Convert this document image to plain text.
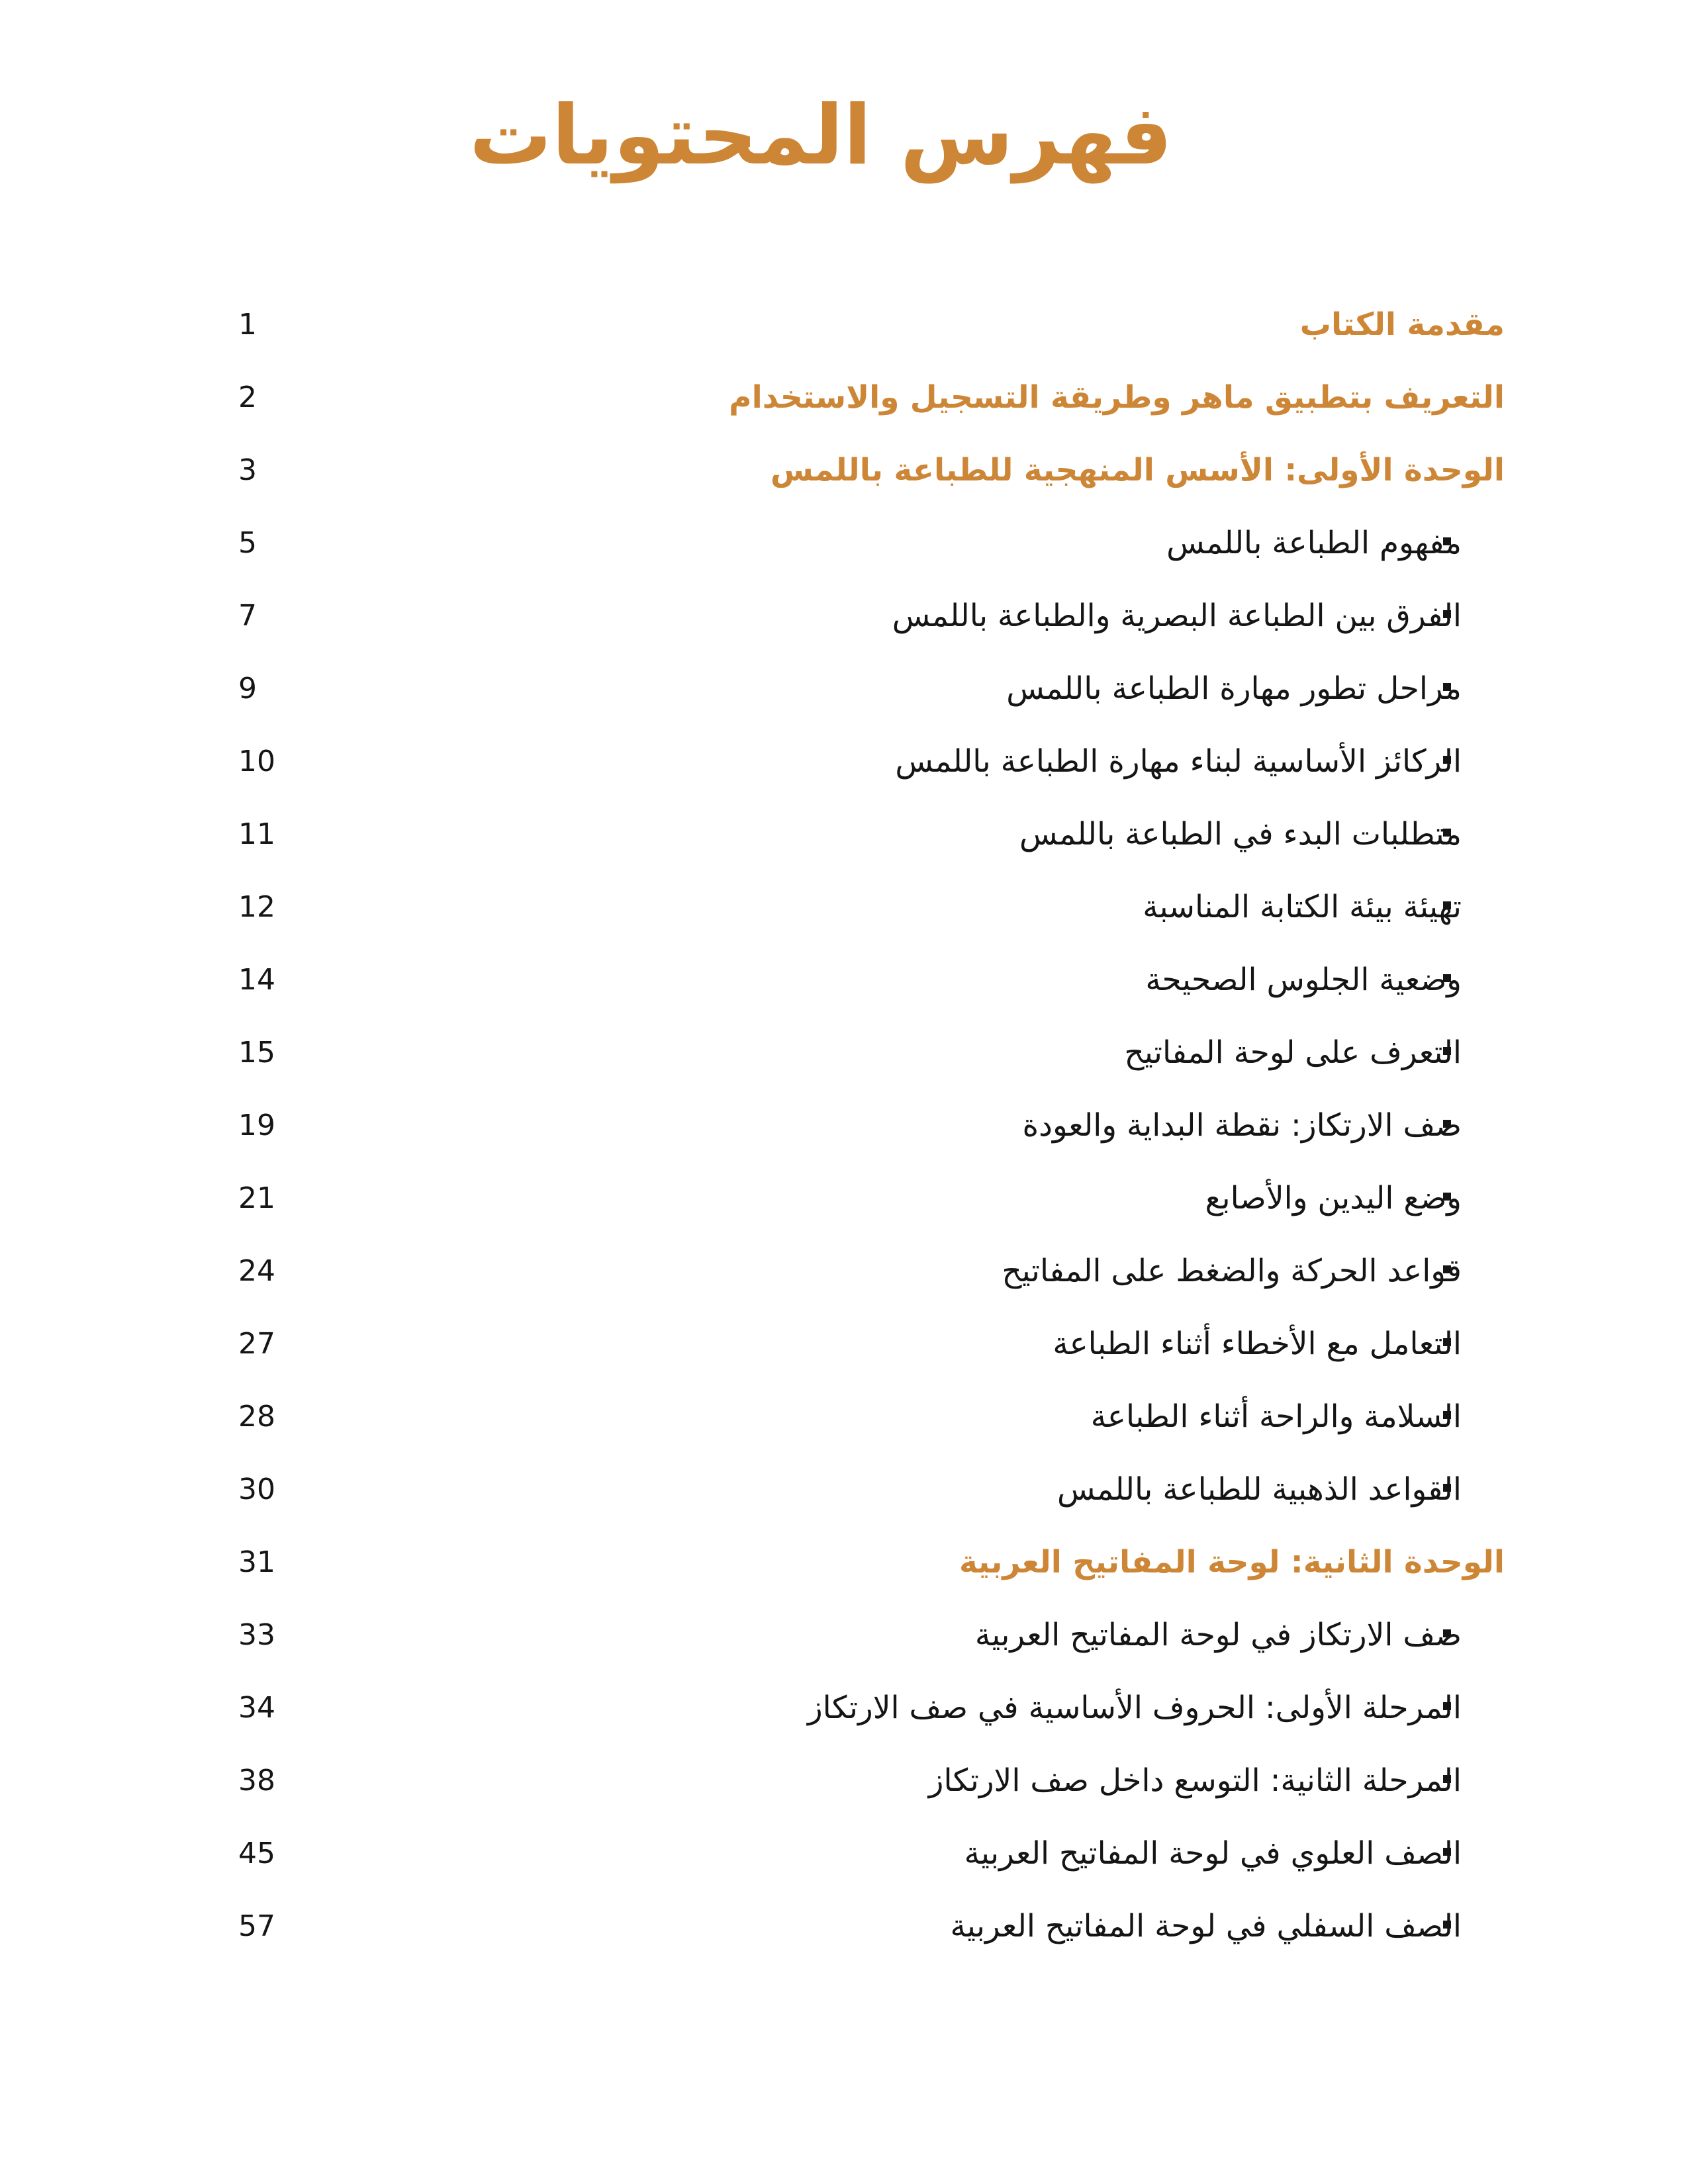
فهرس المحتويات
مقدمة الكتاب
1
التعريف بتطبيق ماهر وطريقة التسجيل والاستخدام
2
الوحدة الأولى: الأسس المنهجية للطباعة باللمس
3
مفهوم الطباعة باللمس
5
الفرق بين الطباعة البصرية والطباعة باللمس
7
مراحل تطور مهارة الطباعة باللمس
9
الركائز الأساسية لبناء مهارة الطباعة باللمس
10
متطلبات البدء في الطباعة باللمس
11
تهيئة بيئة الكتابة المناسبة
12
وضعية الجلوس الصحيحة
14
التعرف على لوحة المفاتيح
15
صف الارتكاز: نقطة البداية والعودة
19
وضع اليدين والأصابع
21
قواعد الحركة والضغط على المفاتيح
24
التعامل مع الأخطاء أثناء الطباعة
27
السلامة والراحة أثناء الطباعة
28
القواعد الذهبية للطباعة باللمس
30
الوحدة الثانية: لوحة المفاتيح العربية
31
صف الارتكاز في لوحة المفاتيح العربية
33
المرحلة الأولى: الحروف الأساسية في صف الارتكاز
34
المرحلة الثانية: التوسع داخل صف الارتكاز
38
الصف العلوي في لوحة المفاتيح العربية
45
الصف السفلي في لوحة المفاتيح العربية
57
